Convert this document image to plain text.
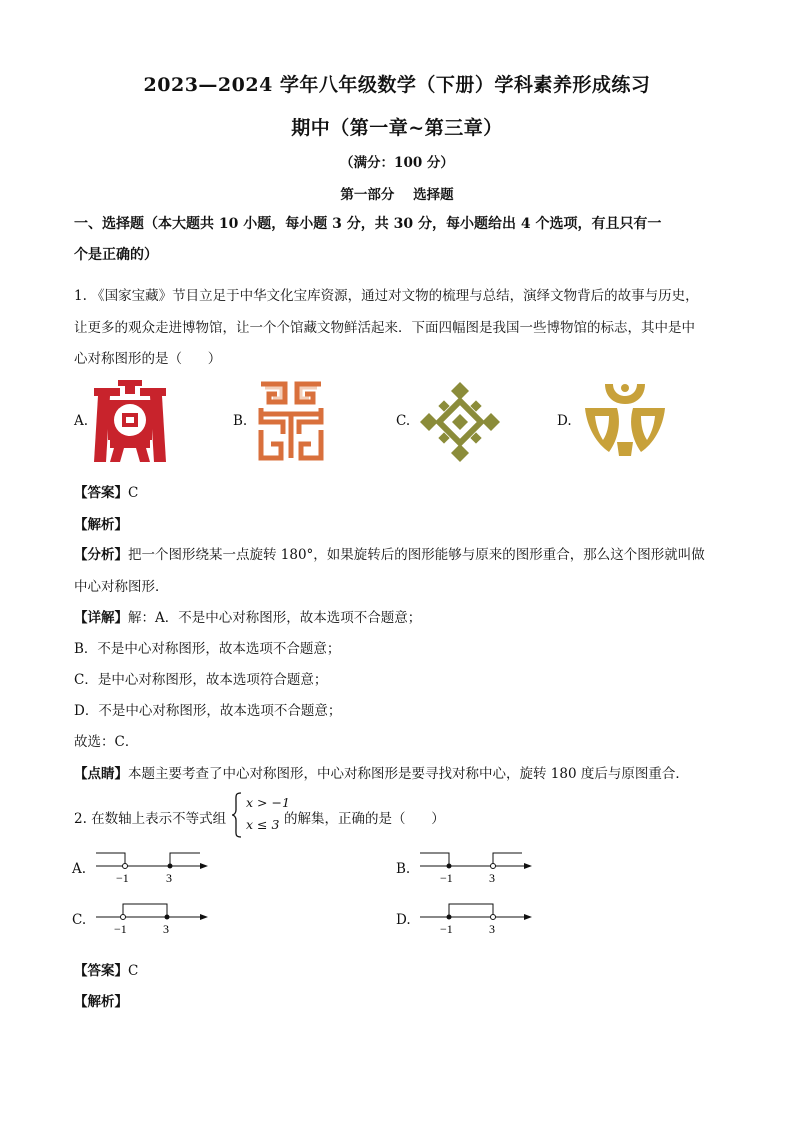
2023—2024 学年八年级数学（下册）学科素养形成练习
期中（第一章~第三章）
（满分：100 分）
第一部分    选择题
一、选择题（本大题共 10 小题，每小题 3 分，共 30 分，每小题给出 4 个选项，有且只有一
个是正确的）
1. 《国家宝藏》节目立足于中华文化宝库资源，通过对文物的梳理与总结，演绎文物背后的故事与历史，
让更多的观众走进博物馆，让一个个馆藏文物鲜活起来．下面四幅图是我国一些博物馆的标志，其中是中
心对称图形的是（      ）
A.	B.	C.	D.
【答案】C
【解析】
【分析】把一个图形绕某一点旋转 180°，如果旋转后的图形能够与原来的图形重合，那么这个图形就叫做
中心对称图形．
【详解】解：A．不是中心对称图形，故本选项不合题意；
B．不是中心对称图形，故本选项不合题意；
C．是中心对称图形，故本选项符合题意；
D．不是中心对称图形，故本选项不合题意；
故选：C．
【点睛】本题主要考查了中心对称图形，中心对称图形是要寻找对称中心，旋转 180 度后与原图重合．
2. 在数轴上表示不等式组
x > −1
x ≤ 3 的解集，正确的是（      ）
A.	B.
C.	D.
−1	3	−1	3
−1	3	−1	3
【答案】C
【解析】
